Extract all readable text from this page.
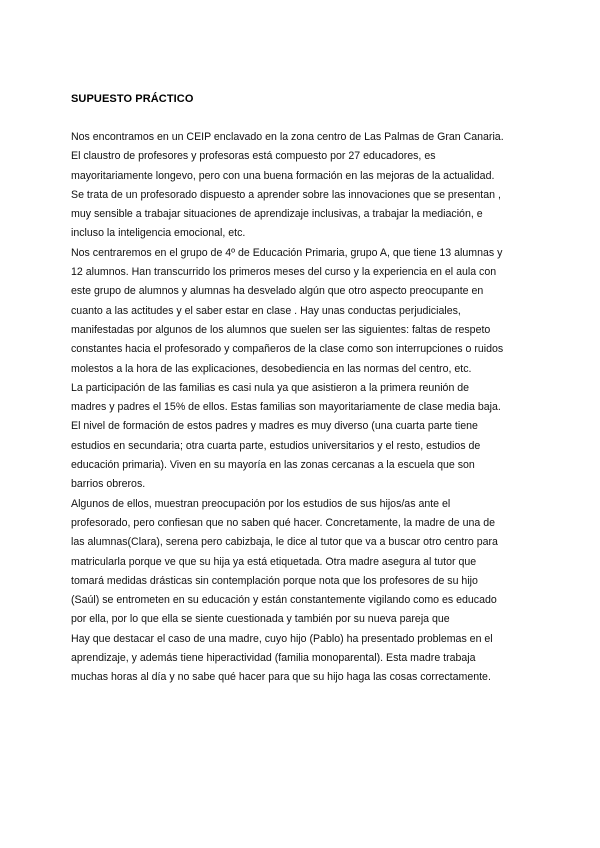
SUPUESTO PRÁCTICO
Nos encontramos en un CEIP enclavado en la zona centro de Las Palmas de Gran Canaria.
El claustro de profesores y profesoras está compuesto por 27 educadores, es
mayoritariamente longevo, pero con una buena formación en las mejoras de la actualidad.
Se trata de un profesorado dispuesto a aprender sobre las innovaciones que se presentan ,
muy sensible a trabajar situaciones de aprendizaje inclusivas, a trabajar la mediación, e
incluso la inteligencia emocional, etc.
Nos centraremos en el grupo de 4º de Educación Primaria, grupo A, que tiene 13 alumnas y
12 alumnos. Han transcurrido los primeros meses del curso y la experiencia en el aula con
este grupo de alumnos y alumnas ha desvelado algún que otro aspecto preocupante en
cuanto a las actitudes y el saber estar en clase . Hay unas conductas perjudiciales,
manifestadas por algunos de los alumnos que suelen ser las siguientes: faltas de respeto
constantes hacia el profesorado y compañeros de la clase como son interrupciones o ruidos
molestos a la hora de las explicaciones, desobediencia en las normas del centro, etc.
La participación de las familias es casi nula ya que asistieron a la primera reunión de
madres y padres el 15% de ellos. Estas familias son mayoritariamente de clase media baja.
El nivel de formación de estos padres y madres es muy diverso (una cuarta parte tiene
estudios en secundaria; otra cuarta parte, estudios universitarios y el resto, estudios de
educación primaria). Viven en su mayoría en las zonas cercanas a la escuela que son
barrios obreros.
Algunos de ellos, muestran preocupación por los estudios de sus hijos/as ante el
profesorado, pero confiesan que no saben qué hacer. Concretamente, la madre de una de
las alumnas(Clara), serena pero cabizbaja, le dice al tutor que va a buscar otro centro para
matricularla porque ve que su hija ya está etiquetada. Otra madre asegura al tutor que
tomará medidas drásticas sin contemplación porque nota que los profesores de su hijo
(Saúl) se entrometen en su educación y están constantemente vigilando como es educado
por ella, por lo que ella se siente cuestionada y también por su nueva pareja que
Hay que destacar el caso de una madre, cuyo hijo (Pablo) ha presentado problemas en el
aprendizaje, y además tiene hiperactividad (familia monoparental). Esta madre trabaja
muchas horas al día y no sabe qué hacer para que su hijo haga las cosas correctamente.
